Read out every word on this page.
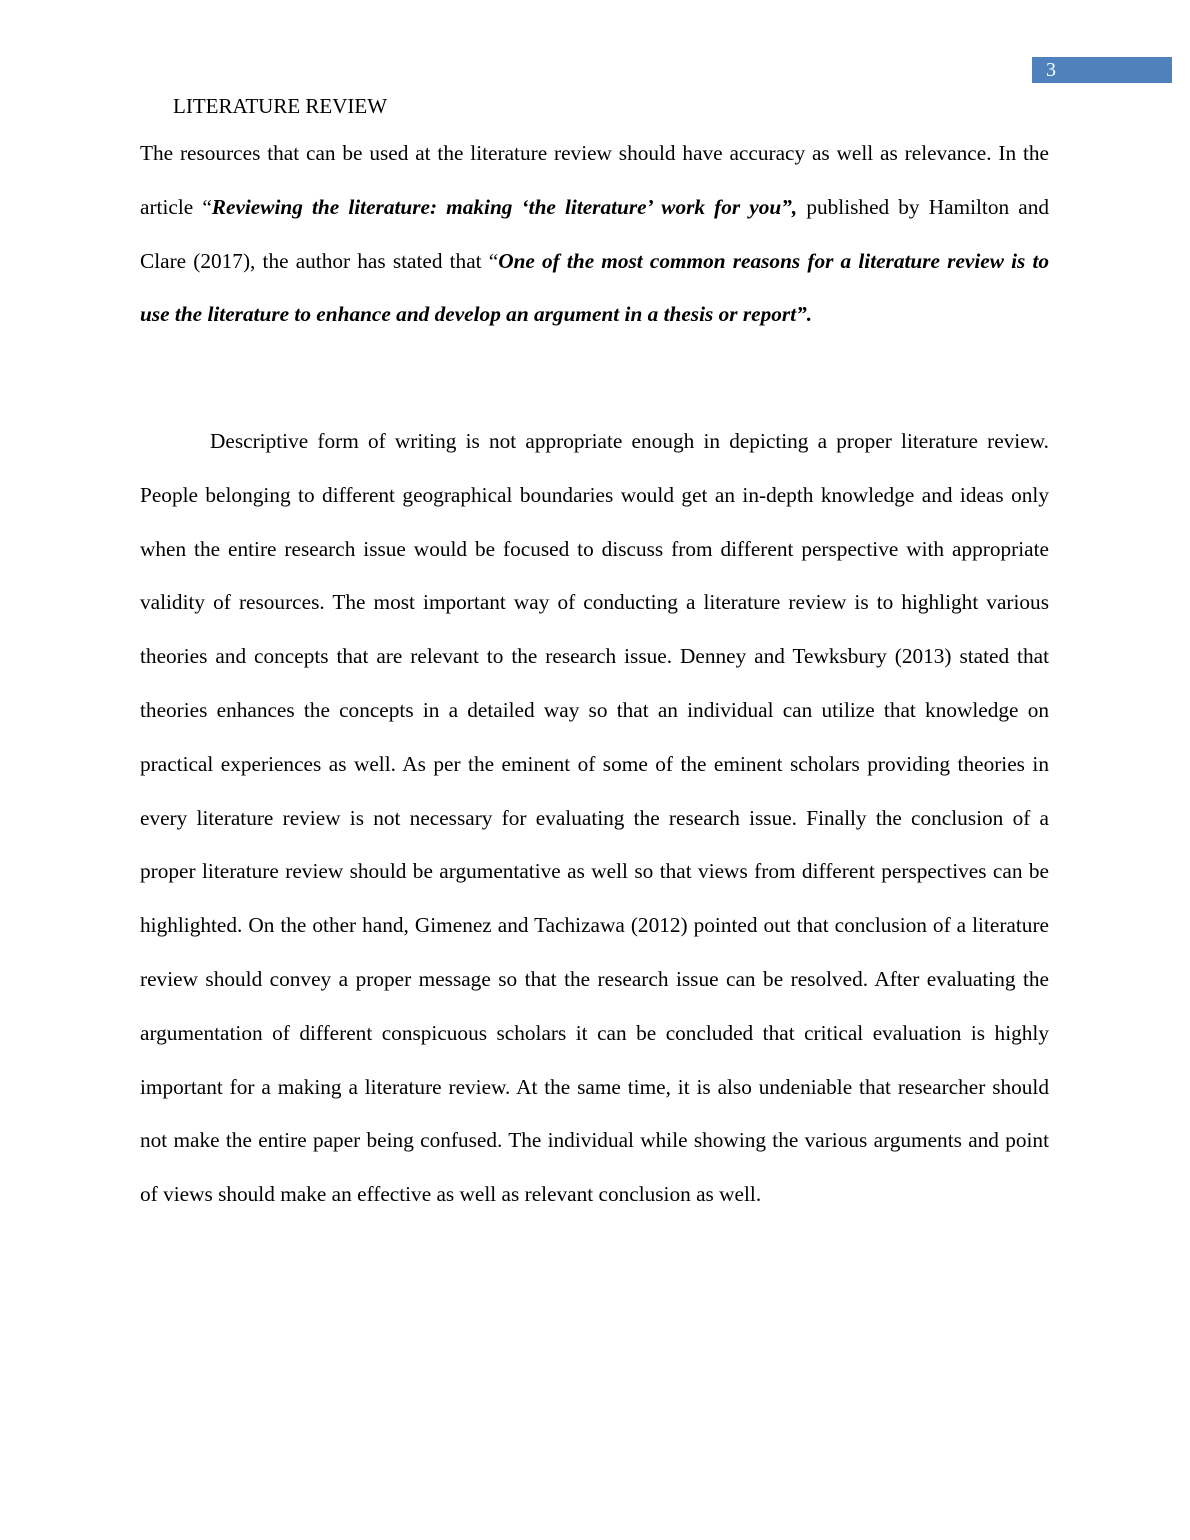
3
LITERATURE REVIEW

The resources that can be used at the literature review should have accuracy as well as relevance. In the article “Reviewing the literature: making ‘the literature’ work for you”, published by Hamilton and Clare (2017), the author has stated that “One of the most common reasons for a literature review is to use the literature to enhance and develop an argument in a thesis or report”.

Descriptive form of writing is not appropriate enough in depicting a proper literature review. People belonging to different geographical boundaries would get an in-depth knowledge and ideas only when the entire research issue would be focused to discuss from different perspective with appropriate validity of resources. The most important way of conducting a literature review is to highlight various theories and concepts that are relevant to the research issue. Denney and Tewksbury (2013) stated that theories enhances the concepts in a detailed way so that an individual can utilize that knowledge on practical experiences as well. As per the eminent of some of the eminent scholars providing theories in every literature review is not necessary for evaluating the research issue. Finally the conclusion of a proper literature review should be argumentative as well so that views from different perspectives can be highlighted. On the other hand, Gimenez and Tachizawa (2012) pointed out that conclusion of a literature review should convey a proper message so that the research issue can be resolved. After evaluating the argumentation of different conspicuous scholars it can be concluded that critical evaluation is highly important for a making a literature review. At the same time, it is also undeniable that researcher should not make the entire paper being confused. The individual while showing the various arguments and point of views should make an effective as well as relevant conclusion as well.
